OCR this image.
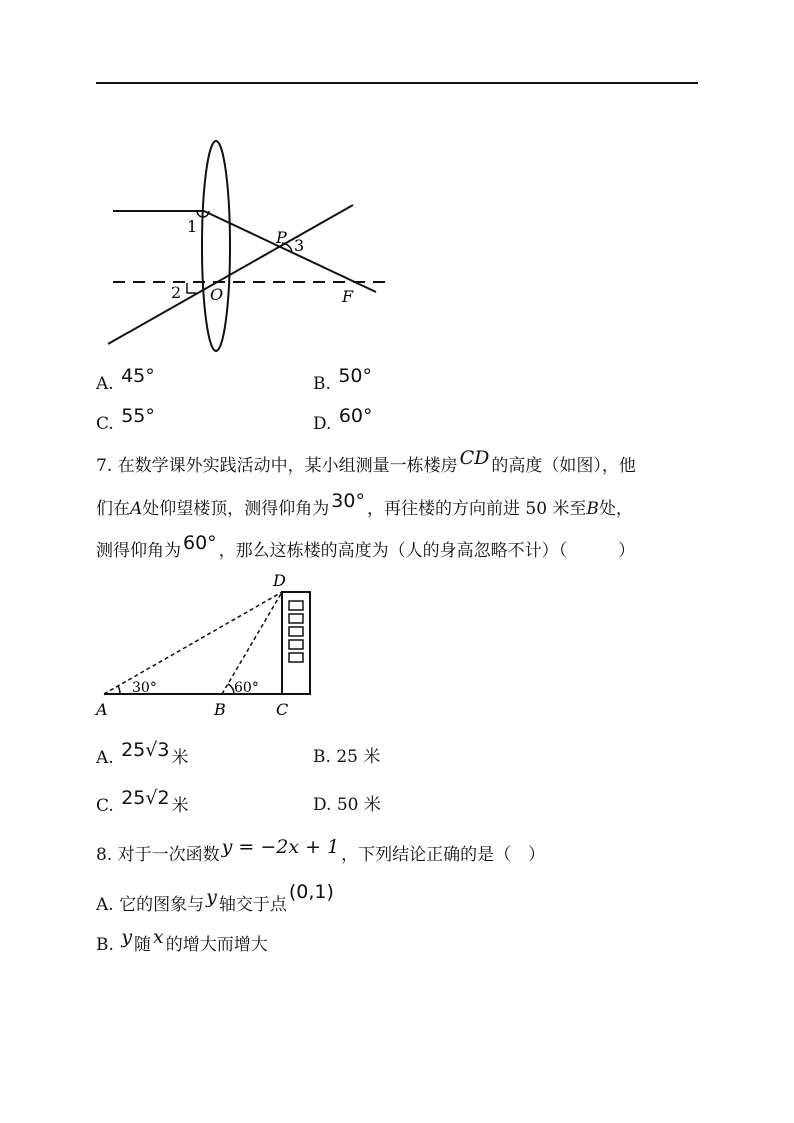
1
2
3
O
P
F
A. 45°	B. 50°
C. 55°	D. 60°
7. 在数学课外实践活动中，某小组测量一栋楼房 CD 的高度（如图），他
们在A处仰望楼顶，测得仰角为 30° ，再往楼的方向前进 50 米至B处，
测得仰角为 60° ，那么这栋楼的高度为（人的身高忽略不计）（　　　）
D
A	B	C
30°	60°
A. 25√3 米	B. 25 米
C. 25√2 米	D. 50 米
8. 对于一次函数 y = −2x + 1 ，下列结论正确的是（　）
A. 它的图象与 y 轴交于点(0,1)
B. y 随 x 的增大而增大
